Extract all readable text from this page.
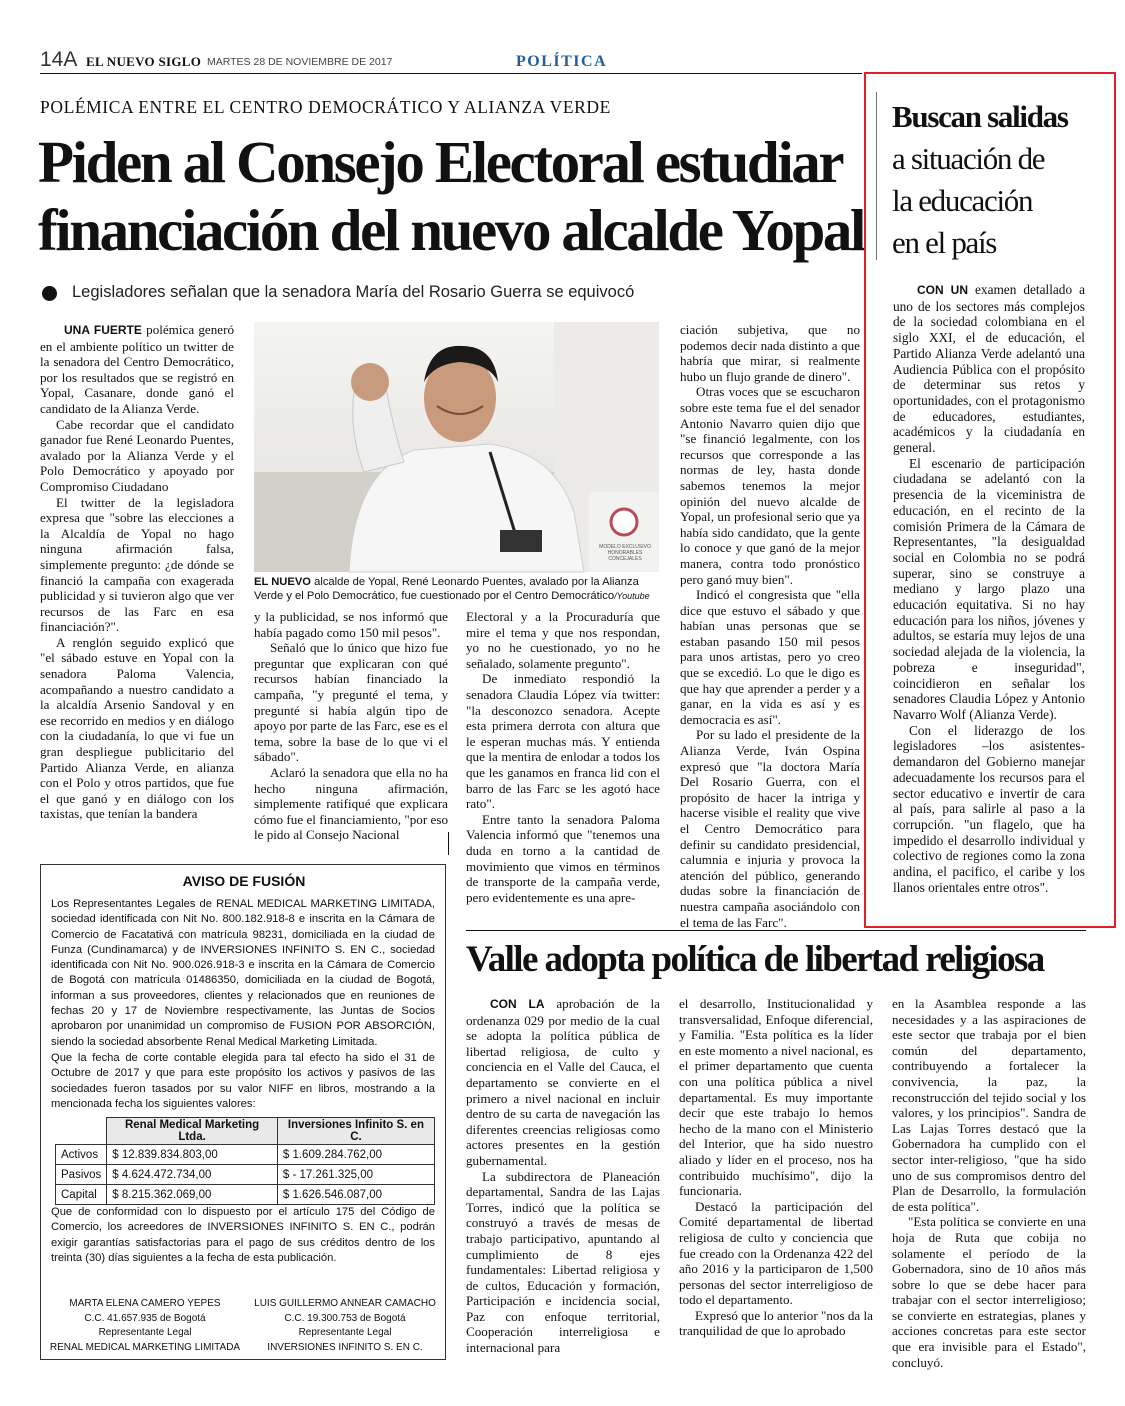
14A EL NUEVO SIGLO MARTES 28 DE NOVIEMBRE DE 2017	POLÍTICA
POLÉMICA ENTRE EL CENTRO DEMOCRÁTICO Y ALIANZA VERDE
Piden al Consejo Electoral estudiar
financiación del nuevo alcalde Yopal
Legisladores señalan que la senadora María del Rosario Guerra se equivocó
MODELO EXCLUSIVO HONORABLES CONCEJALES
EL NUEVO alcalde de Yopal, René Leonardo Puentes, avalado por la Alianza Verde y el Polo Democrático, fue cuestionado por el Centro Democrático/Youtube

UNA FUERTE polémica generó en el ambiente político un twitter de la senadora del Centro Democrático, por los resultados que se registró en Yopal, Casanare, donde ganó el candidato de la Alianza Verde.

Cabe recordar que el candidato ganador fue René Leonardo Puentes, avalado por la Alianza Verde y el Polo Democrático y apoyado por Compromiso Ciudadano

El twitter de la legisladora expresa que "sobre las elecciones a la Alcaldía de Yopal no hago ninguna afirmación falsa, simplemente pregunto: ¿de dónde se financió la campaña con exagerada publicidad y si tuvieron algo que ver recursos de las Farc en esa financiación?".

A renglón seguido explicó que "el sábado estuve en Yopal con la senadora Paloma Valencia, acompañando a nuestro candidato a la alcaldía Arsenio Sandoval y en ese recorrido en medios y en diálogo con la ciudadanía, lo que vi fue un gran despliegue publicitario del Partido Alianza Verde, en alianza con el Polo y otros partidos, que fue el que ganó y en diálogo con los taxistas, que tenían la bandera

y la publicidad, se nos informó que había pagado como 150 mil pesos".

Señaló que lo único que hizo fue preguntar que explicaran con qué recursos habían financiado la campaña, "y pregunté el tema, y pregunté si había algún tipo de apoyo por parte de las Farc, ese es el tema, sobre la base de lo que vi el sábado".

Aclaró la senadora que ella no ha hecho ninguna afirmación, simplemente ratifiqué que explicara cómo fue el financiamiento, "por eso le pido al Consejo Nacional

Electoral y a la Procuraduría que mire el tema y que nos respondan, yo no he cuestionado, yo no he señalado, solamente pregunto".

De inmediato respondió la senadora Claudia López vía twitter: "la desconozco senadora. Acepte esta primera derrota con altura que le esperan muchas más. Y entienda que la mentira de enlodar a todos los que les ganamos en franca lid con el barro de las Farc se les agotó hace rato".

Entre tanto la senadora Paloma Valencia informó que "tenemos una duda en torno a la cantidad de movimiento que vimos en términos de transporte de la campaña verde, pero evidentemente es una apre-

ciación subjetiva, que no podemos decir nada distinto a que habría que mirar, si realmente hubo un flujo grande de dinero".

Otras voces que se escucharon sobre este tema fue el del senador Antonio Navarro quien dijo que "se financió legalmente, con los recursos que corresponde a las normas de ley, hasta donde sabemos tenemos la mejor opinión del nuevo alcalde de Yopal, un profesional serio que ya había sido candidato, que la gente lo conoce y que ganó de la mejor manera, contra todo pronóstico pero ganó muy bien".

Indicó el congresista que "ella dice que estuvo el sábado y que habían unas personas que se estaban pasando 150 mil pesos para unos artistas, pero yo creo que se excedió. Lo que le digo es que hay que aprender a perder y a ganar, en la vida es así y es democracia es así".

Por su lado el presidente de la Alianza Verde, Iván Ospina expresó que "la doctora María Del Rosario Guerra, con el propósito de hacer la intriga y hacerse visible el reality que vive el Centro Democrático para definir su candidato presidencial, calumnia e injuria y provoca la atención del público, generando dudas sobre la financiación de nuestra campaña asociándolo con el tema de las Farc".

Buscan salidas
a situación de
la educación
en el país

CON UN examen detallado a uno de los sectores más complejos de la sociedad colombiana en el siglo XXI, el de educación, el Partido Alianza Verde adelantó una Audiencia Pública con el propósito de determinar sus retos y oportunidades, con el protagonismo de educadores, estudiantes, académicos y la ciudadanía en general.

El escenario de participación ciudadana se adelantó con la presencia de la viceministra de educación, en el recinto de la comisión Primera de la Cámara de Representantes, "la desigualdad social en Colombia no se podrá superar, sino se construye a mediano y largo plazo una educación equitativa. Si no hay educación para los niños, jóvenes y adultos, se estaría muy lejos de una sociedad alejada de la violencia, la pobreza e inseguridad", coincidieron en señalar los senadores Claudia López y Antonio Navarro Wolf (Alianza Verde).

Con el liderazgo de los legisladores –los asistentes- demandaron del Gobierno manejar adecuadamente los recursos para el sector educativo e invertir de cara al país, para salirle al paso a la corrupción. "un flagelo, que ha impedido el desarrollo individual y colectivo de regiones como la zona andina, el pacifico, el caribe y los llanos orientales entre otros".

AVISO DE FUSIÓN
Los Representantes Legales de RENAL MEDICAL MARKETING LIMITADA, sociedad identificada con Nit No. 800.182.918-8 e inscrita en la Cámara de Comercio de Facatativá con matrícula 98231, domiciliada en la ciudad de Funza (Cundinamarca) y de INVERSIONES INFINITO S. EN C., sociedad identificada con Nit No. 900.026.918-3 e inscrita en la Cámara de Comercio de Bogotá con matrícula 01486350, domiciliada en la ciudad de Bogotá, informan a sus proveedores, clientes y relacionados que en reuniones de fechas 20 y 17 de Noviembre respectivamente, las Juntas de Socios aprobaron por unanimidad un compromiso de FUSION POR ABSORCIÓN, siendo la sociedad absorbente Renal Medical Marketing Limitada.
Que la fecha de corte contable elegida para tal efecto ha sido el 31 de Octubre de 2017 y que para este propósito los activos y pasivos de las sociedades fueron tasados por su valor NIFF en libros, mostrando a la mencionada fecha los siguientes valores:
	Renal Medical Marketing Ltda.	Inversiones Infinito S. en C.
Activos	$ 12.839.834.803,00	$ 1.609.284.762,00
Pasivos	$ 4.624.472.734,00	$ - 17.261.325,00
Capital	$ 8.215.362.069,00	$ 1.626.546.087,00
Que de conformidad con lo dispuesto por el artículo 175 del Código de Comercio, los acreedores de INVERSIONES INFINITO S. EN C., podrán exigir garantías satisfactorias para el pago de sus créditos dentro de los treinta (30) días siguientes a la fecha de esta publicación.
MARTA ELENA CAMERO YEPES
C.C. 41.657.935 de Bogotá
Representante Legal
RENAL MEDICAL MARKETING LIMITADA
LUIS GUILLERMO ANNEAR CAMACHO
C.C. 19.300.753 de Bogotá
Representante Legal
INVERSIONES INFINITO S. EN C.
Valle adopta política de libertad religiosa

CON LA aprobación de la ordenanza 029 por medio de la cual se adopta la política pública de libertad religiosa, de culto y conciencia en el Valle del Cauca, el departamento se convierte en el primero a nivel nacional en incluir dentro de su carta de navegación las diferentes creencias religiosas como actores presentes en la gestión gubernamental.

La subdirectora de Planeación departamental, Sandra de las Lajas Torres, indicó que la política se construyó a través de mesas de trabajo participativo, apuntando al cumplimiento de 8 ejes fundamentales: Libertad religiosa y de cultos, Educación y formación, Participación e incidencia social, Paz con enfoque territorial, Cooperación interreligiosa e internacional para

el desarrollo, Institucionalidad y transversalidad, Enfoque diferencial, y Familia. "Esta política es la líder en este momento a nivel nacional, es el primer departamento que cuenta con una política pública a nivel departamental. Es muy importante decir que este trabajo lo hemos hecho de la mano con el Ministerio del Interior, que ha sido nuestro aliado y líder en el proceso, nos ha contribuido muchísimo", dijo la funcionaria.

Destacó la participación del Comité departamental de libertad religiosa de culto y conciencia que fue creado con la Ordenanza 422 del año 2016 y la participaron de 1,500 personas del sector interreligioso de todo el departamento.

Expresó que lo anterior "nos da la tranquilidad de que lo aprobado

en la Asamblea responde a las necesidades y a las aspiraciones de este sector que trabaja por el bien común del departamento, contribuyendo a fortalecer la convivencia, la paz, la reconstrucción del tejido social y los valores, y los principios". Sandra de Las Lajas Torres destacó que la Gobernadora ha cumplido con el sector inter-religioso, "que ha sido uno de sus compromisos dentro del Plan de Desarrollo, la formulación de esta política".

"Esta política se convierte en una hoja de Ruta que cobija no solamente el período de la Gobernadora, sino de 10 años más sobre lo que se debe hacer para trabajar con el sector interreligioso; se convierte en estrategias, planes y acciones concretas para este sector que era invisible para el Estado", concluyó.
